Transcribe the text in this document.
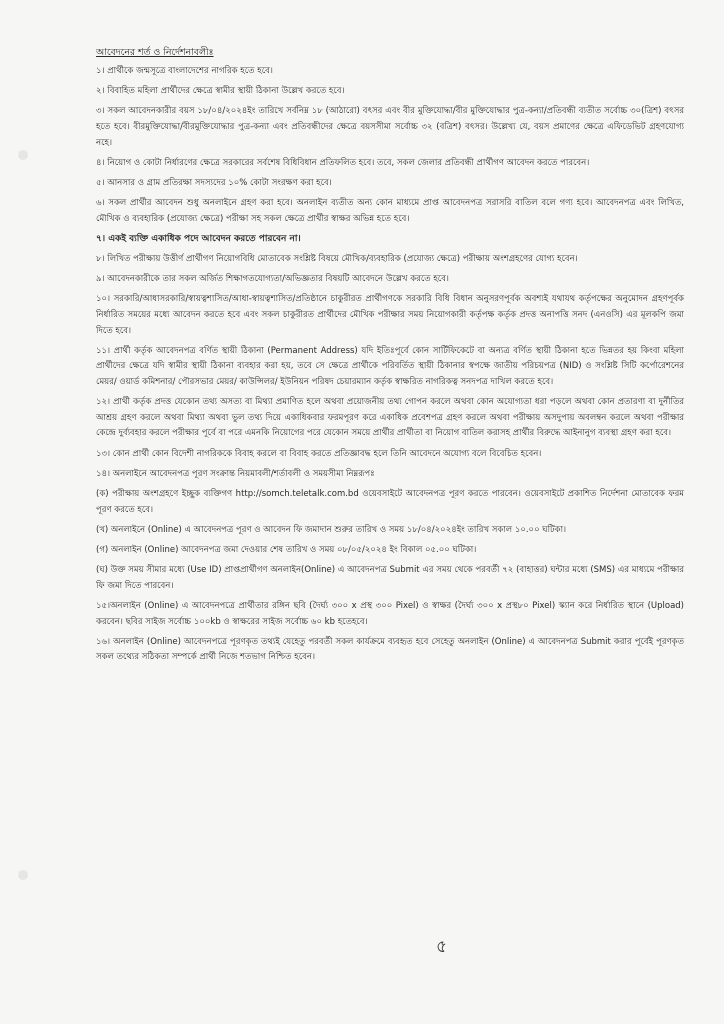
আবেদনের শর্ত ও নির্দেশনাবলীঃ

১। প্রার্থীকে জন্মসূত্রে বাংলাদেশের নাগরিক হতে হবে।

২। বিবাহিত মহিলা প্রার্থীদের ক্ষেত্রে স্বামীর স্থায়ী ঠিকানা উল্লেখ করতে হবে।

৩। সকল আবেদনকারীর বয়স ১৮/০৪/২০২৪ইং তারিখে সর্বনিম্ন ১৮ (আঠারো) বৎসর এবং বীর মুক্তিযোদ্ধা/বীর মুক্তিযোদ্ধার পুত্র-কন্যা/প্রতিবন্ধী ব্যতীত সর্বোচ্চ ৩০(ত্রিশ) বৎসর হতে হবে। বীরমুক্তিযোদ্ধা/বীরমুক্তিযোদ্ধার পুত্র-কন্যা এবং প্রতিবন্ধীদের ক্ষেত্রে বয়সসীমা সর্বোচ্চ ৩২ (বত্রিশ) বৎসর। উল্লেখ্য যে, বয়স প্রমাণের ক্ষেত্রে এফিডেভিট গ্রহণযোগ্য নহে।

৪। নিয়োগ ও কোটা নির্ধারণের ক্ষেত্রে সরকারের সর্বশেষ বিধিবিধান প্রতিফলিত হবে। তবে, সকল জেলার প্রতিবন্ধী প্রার্থীগণ আবেদন করতে পারবেন।

৫। আনসার ও গ্রাম প্রতিরক্ষা সদস্যদের ১০% কোটা সংরক্ষণ করা হবে।

৬। সকল প্রার্থীর আবেদন শুধু অনলাইনে গ্রহণ করা হবে। অনলাইন ব্যতীত অন্য কোন মাধ্যমে প্রাপ্ত আবেদনপত্র সরাসরি বাতিল বলে গণ্য হবে। আবেদনপত্র এবং লিখিত, মৌখিক ও ব্যবহারিক (প্রযোজ্য ক্ষেত্রে) পরীক্ষা সহ সকল ক্ষেত্রে প্রার্থীর স্বাক্ষর অভিন্ন হতে হবে।

৭। একই ব্যক্তি একাধিক পদে আবেদন করতে পারবেন না।

৮। লিখিত পরীক্ষায় উত্তীর্ণ প্রার্থীগণ নিয়োগবিধি মোতাবেক সংশ্লিষ্ট বিষয়ে মৌখিক/ব্যবহারিক (প্রযোজ্য ক্ষেত্রে) পরীক্ষায় অংশগ্রহণের যোগ্য হবেন।

৯। আবেদনকারীকে তার সকল অর্জিত শিক্ষাগতযোগ্যতা/অভিজ্ঞতার বিষয়টি আবেদনে উল্লেখ করতে হবে।

১০। সরকারি/আধাসরকারি/স্বায়ত্বশাসিত/আধা-স্বায়ত্বশাসিত/প্রতিষ্ঠানে চাকুরীরত প্রার্থীগণকে সরকারি বিধি বিধান অনুসরণপূর্বক অবশ্যই যথাযথ কর্তৃপক্ষের অনুমোদন গ্রহণপূর্বক নির্ধারিত সময়ের মধ্যে আবেদন করতে হবে এবং সকল চাকুরীরত প্রার্থীদের মৌখিক পরীক্ষার সময় নিয়োগকারী কর্তৃপক্ষ কর্তৃক প্রদত্ত অনাপত্তি সনদ (এনওসি) এর মূলকপি জমা দিতে হবে।

১১। প্রার্থী কর্তৃক আবেদনপত্র বর্ণিত স্থায়ী ঠিকানা (Permanent Address) যদি ইতিঃপূর্বে কোন সার্টিফিকেটে বা অন্যত্র বর্ণিত স্থায়ী ঠিকানা হতে ভিন্নতর হয় কিংবা মহিলা প্রার্থীদের ক্ষেত্রে যদি স্বামীর স্থায়ী ঠিকানা ব্যবহার করা হয়, তবে সে ক্ষেত্রে প্রার্থীকে পরিবর্তিত স্থায়ী ঠিকানার স্বপক্ষে জাতীয় পরিচয়পত্র (NID) ও সংশ্লিষ্ট সিটি কর্পোরেশনের মেয়র/ ওয়ার্ড কমিশনার/ পৌরসভার মেয়র/ কাউন্সিলর/ ইউনিয়ন পরিষদ চেয়ারম্যান কর্তৃক স্বাক্ষরিত নাগরিকত্ব সনদপত্র দাখিল করতে হবে।

১২। প্রার্থী কর্তৃক প্রদত্ত যেকোন তথ্য অসত্য বা মিথ্যা প্রমাণিত হলে অথবা প্রয়োজনীয় তথ্য গোপন করলে অথবা কোন অযোগ্যতা ধরা পড়লে অথবা কোন প্রতারণা বা দুর্নীতির আশ্রয় গ্রহণ করলে অথবা মিথ্যা অথবা ভুল তথ্য দিয়ে একাধিকবার ফরমপূরণ করে একাধিক প্রবেশপত্র গ্রহণ করলে অথবা পরীক্ষায় অসদুপায় অবলম্বন করলে অথবা পরীক্ষার কেন্দ্রে দুর্ব্যবহার করলে পরীক্ষার পূর্বে বা পরে এমনকি নিয়োগের পরে যেকোন সময়ে প্রার্থীর প্রার্থীতা বা নিয়োগ বাতিল করাসহ প্রার্থীর বিরুদ্ধে আইনানুগ ব্যবস্থা গ্রহণ করা হবে।

১৩। কোন প্রার্থী কোন বিদেশী নাগরিককে বিবাহ করলে বা বিবাহ করতে প্রতিজ্ঞাবদ্ধ হলে তিনি আবেদনে অযোগ্য বলে বিবেচিত হবেন।

১৪। অনলাইনে আবেদনপত্র পূরণ সংক্রান্ত নিয়মাবলী/শর্তাবলী ও সময়সীমা নিম্নরূপঃ

(ক) পরীক্ষায় অংশগ্রহণে ইচ্ছুক ব্যক্তিগণ http://somch.teletalk.com.bd ওয়েবসাইটে আবেদনপত্র পূরণ করতে পারবেন। ওয়েবসাইটে প্রকাশিত নির্দেশনা মোতাবেক ফরম পূরণ করতে হবে।

(খ) অনলাইনে (Online) এ আবেদনপত্র পূরণ ও আবেদন ফি জমাদান শুরুর তারিখ ও সময় ১৮/০৪/২০২৪ইং তারিখ সকাল ১০.০০ ঘটিকা।

(গ) অনলাইন (Online) আবেদনপত্র জমা দেওয়ার শেষ তারিখ ও সময় ০৮/০৫/২০২৪ ইং বিকাল ০৫.০০ ঘটিকা।

(ঘ) উক্ত সময় সীমার মধ্যে (Use ID) প্রাপ্তপ্রার্থীগণ অনলাইন(Online) এ আবেদনপত্র Submit এর সময় থেকে পরবর্তী ৭২ (বাহাত্তর) ঘন্টার মধ্যে (SMS) এর মাধ্যমে পরীক্ষার ফি জমা দিতে পারবেন।

১৫।অনলাইন (Online) এ আবেদনপত্রে প্রার্থীতার রঙ্গিন ছবি (দৈর্ঘ্য ৩০০ x প্রস্থ ৩০০ Pixel) ও স্বাক্ষর (দৈর্ঘ্য ৩০০ x প্রস্থ৮০ Pixel) স্ক্যান করে নির্ধারিত স্থানে (Upload) করবেন। ছবির সাইজ সর্বোচ্চ ১০০kb ও স্বাক্ষরের সাইজ সর্বোচ্চ ৬০ kb হতেহবে।

১৬। অনলাইন (Online) আবেদনপত্রে পূরণকৃত তথ্যই যেহেতু পরবর্তী সকল কার্যক্রমে ব্যবহৃত হবে সেহেতু অনলাইন (Online) এ আবেদনপত্র Submit করার পূর্বেই পূরণকৃত সকল তথ্যের সঠিকতা সম্পর্কে প্রার্থী নিজে শতভাগ নিশ্চিত হবেন।

৫
